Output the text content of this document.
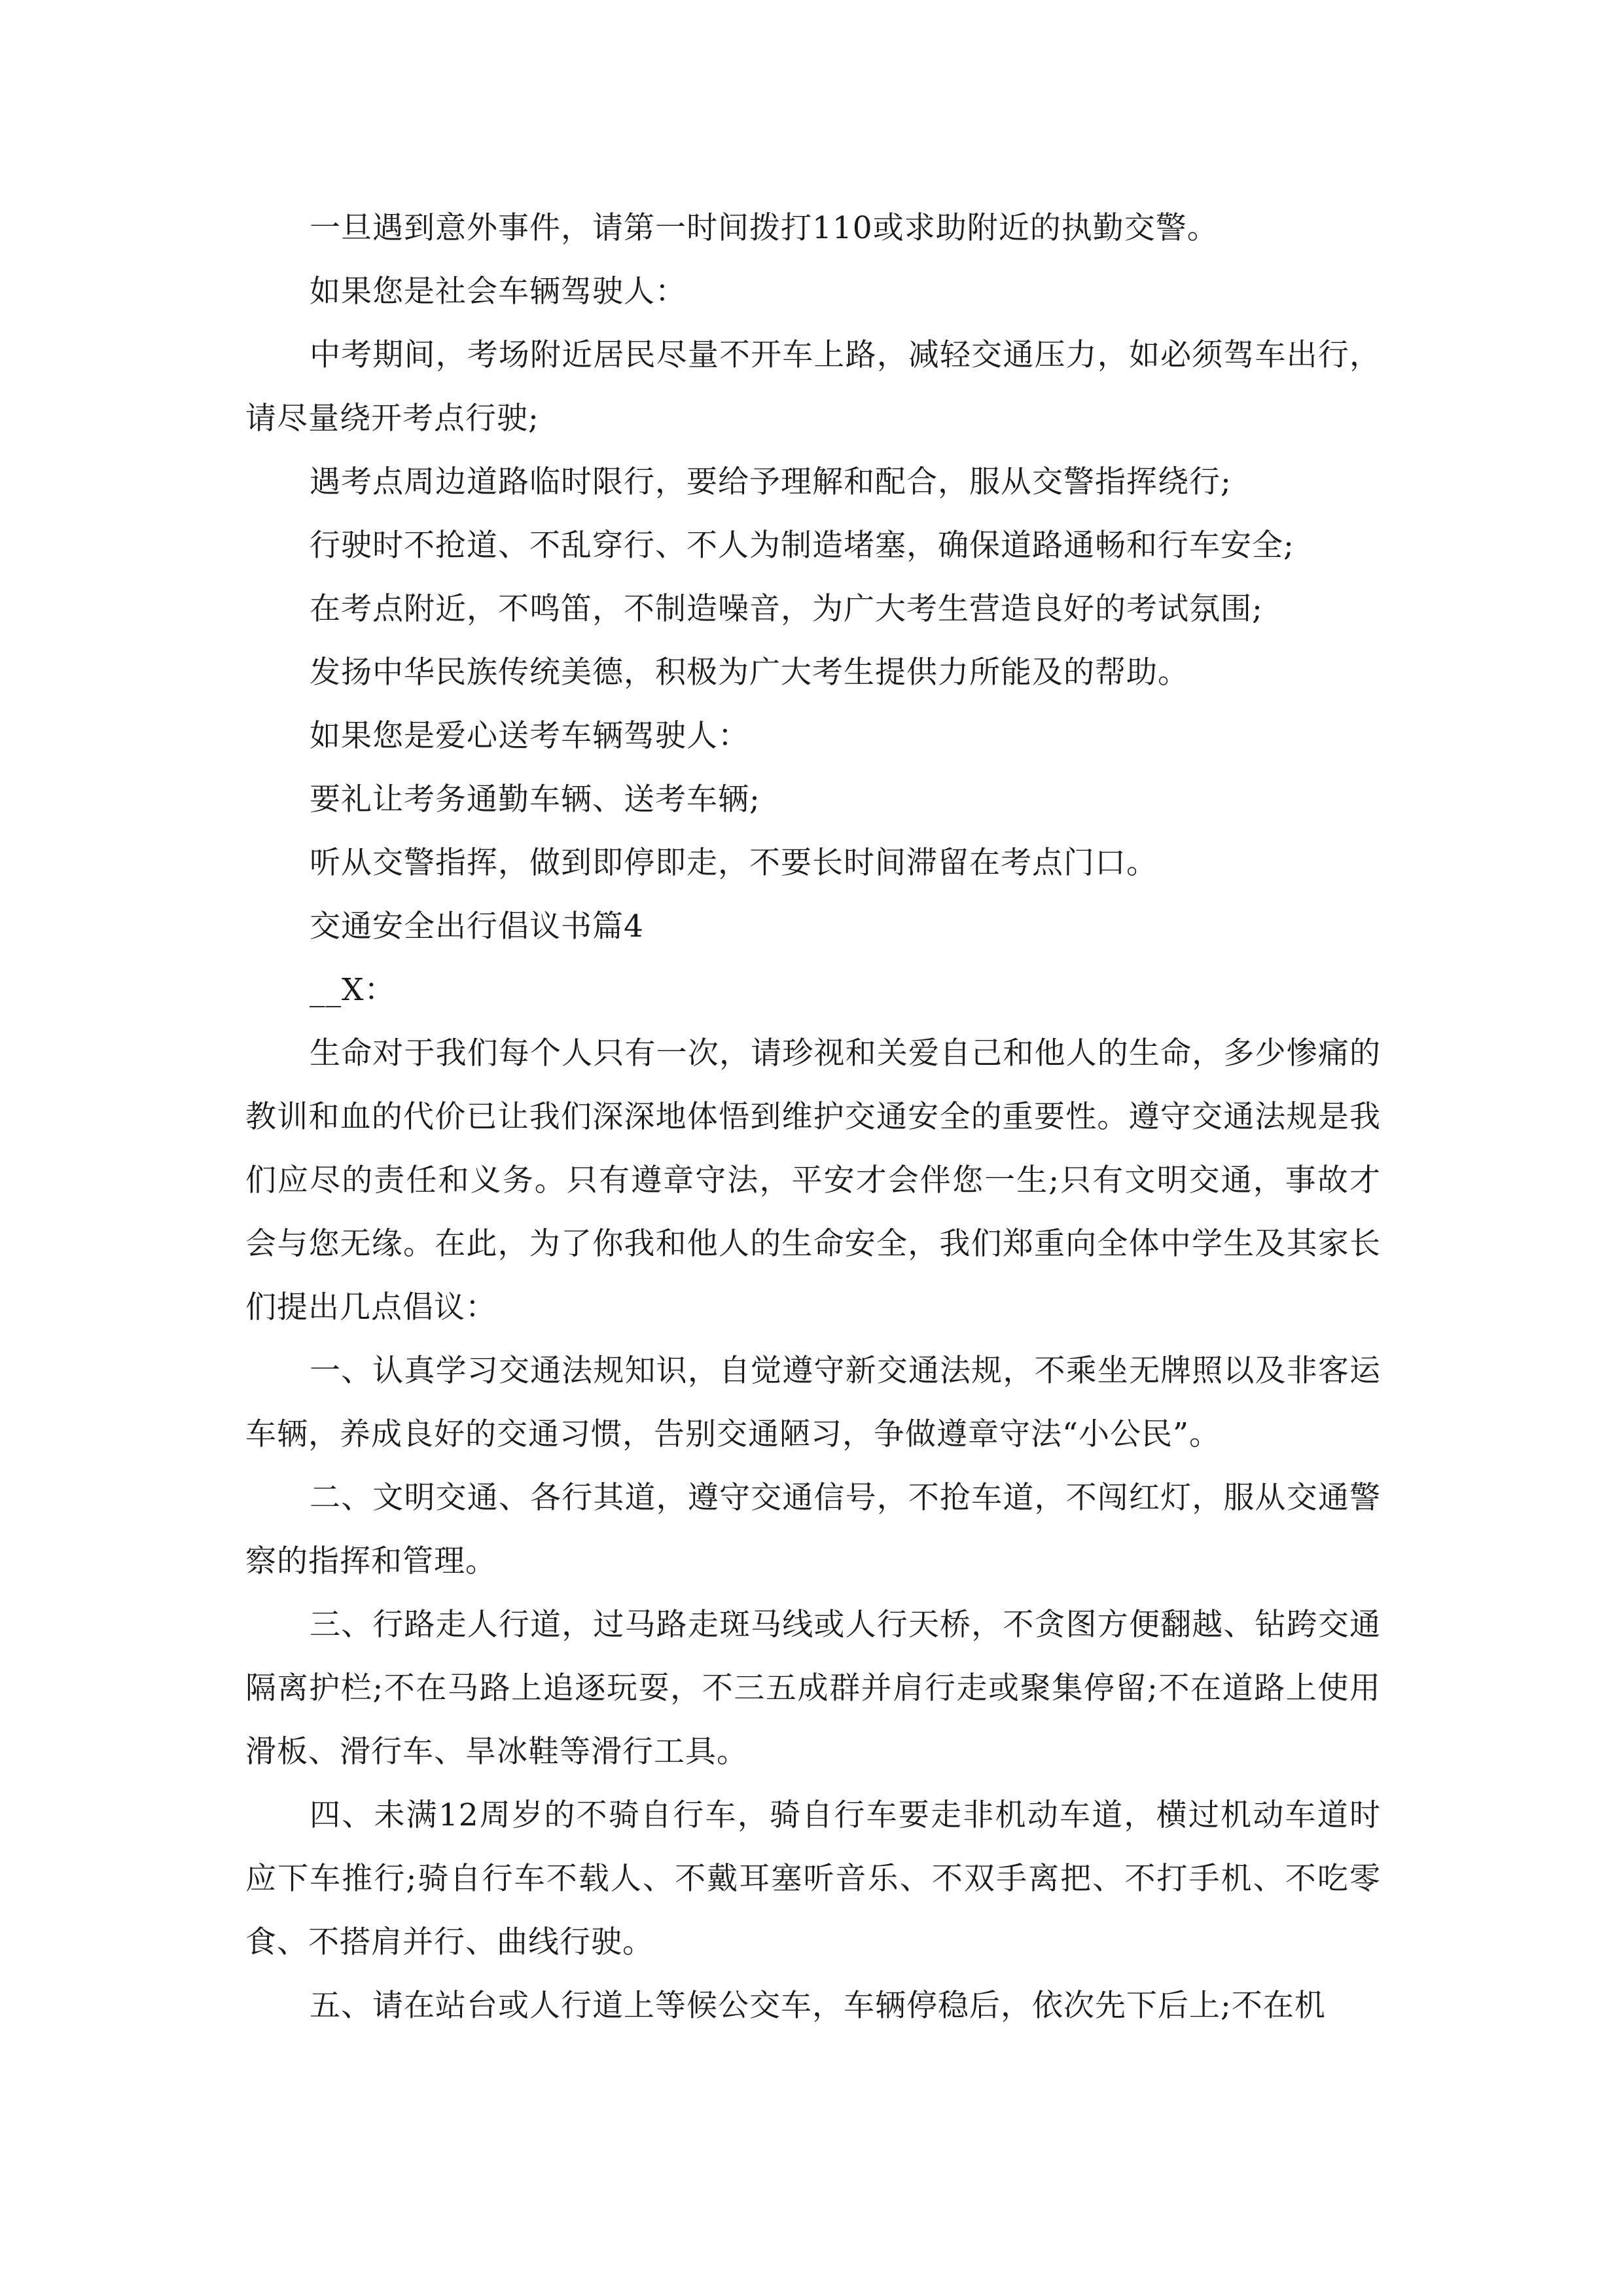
一旦遇到意外事件，请第一时间拨打110或求助附近的执勤交警。

如果您是社会车辆驾驶人：

中考期间，考场附近居民尽量不开车上路，减轻交通压力，如必须驾车出行，请尽量绕开考点行驶;

遇考点周边道路临时限行，要给予理解和配合，服从交警指挥绕行;

行驶时不抢道、不乱穿行、不人为制造堵塞，确保道路通畅和行车安全;

在考点附近，不鸣笛，不制造噪音，为广大考生营造良好的考试氛围;

发扬中华民族传统美德，积极为广大考生提供力所能及的帮助。

如果您是爱心送考车辆驾驶人：

要礼让考务通勤车辆、送考车辆;

听从交警指挥，做到即停即走，不要长时间滞留在考点门口。

交通安全出行倡议书篇4

__X：

生命对于我们每个人只有一次，请珍视和关爱自己和他人的生命，多少惨痛的教训和血的代价已让我们深深地体悟到维护交通安全的重要性。遵守交通法规是我们应尽的责任和义务。只有遵章守法，平安才会伴您一生;只有文明交通，事故才会与您无缘。在此，为了你我和他人的生命安全，我们郑重向全体中学生及其家长们提出几点倡议：

一、认真学习交通法规知识，自觉遵守新交通法规，不乘坐无牌照以及非客运车辆，养成良好的交通习惯，告别交通陋习，争做遵章守法“小公民”。

二、文明交通、各行其道，遵守交通信号，不抢车道，不闯红灯，服从交通警察的指挥和管理。

三、行路走人行道，过马路走斑马线或人行天桥，不贪图方便翻越、钻跨交通隔离护栏;不在马路上追逐玩耍，不三五成群并肩行走或聚集停留;不在道路上使用滑板、滑行车、旱冰鞋等滑行工具。

四、未满12周岁的不骑自行车，骑自行车要走非机动车道，横过机动车道时应下车推行;骑自行车不载人、不戴耳塞听音乐、不双手离把、不打手机、不吃零食、不搭肩并行、曲线行驶。

五、请在站台或人行道上等候公交车，车辆停稳后，依次先下后上;不在机
